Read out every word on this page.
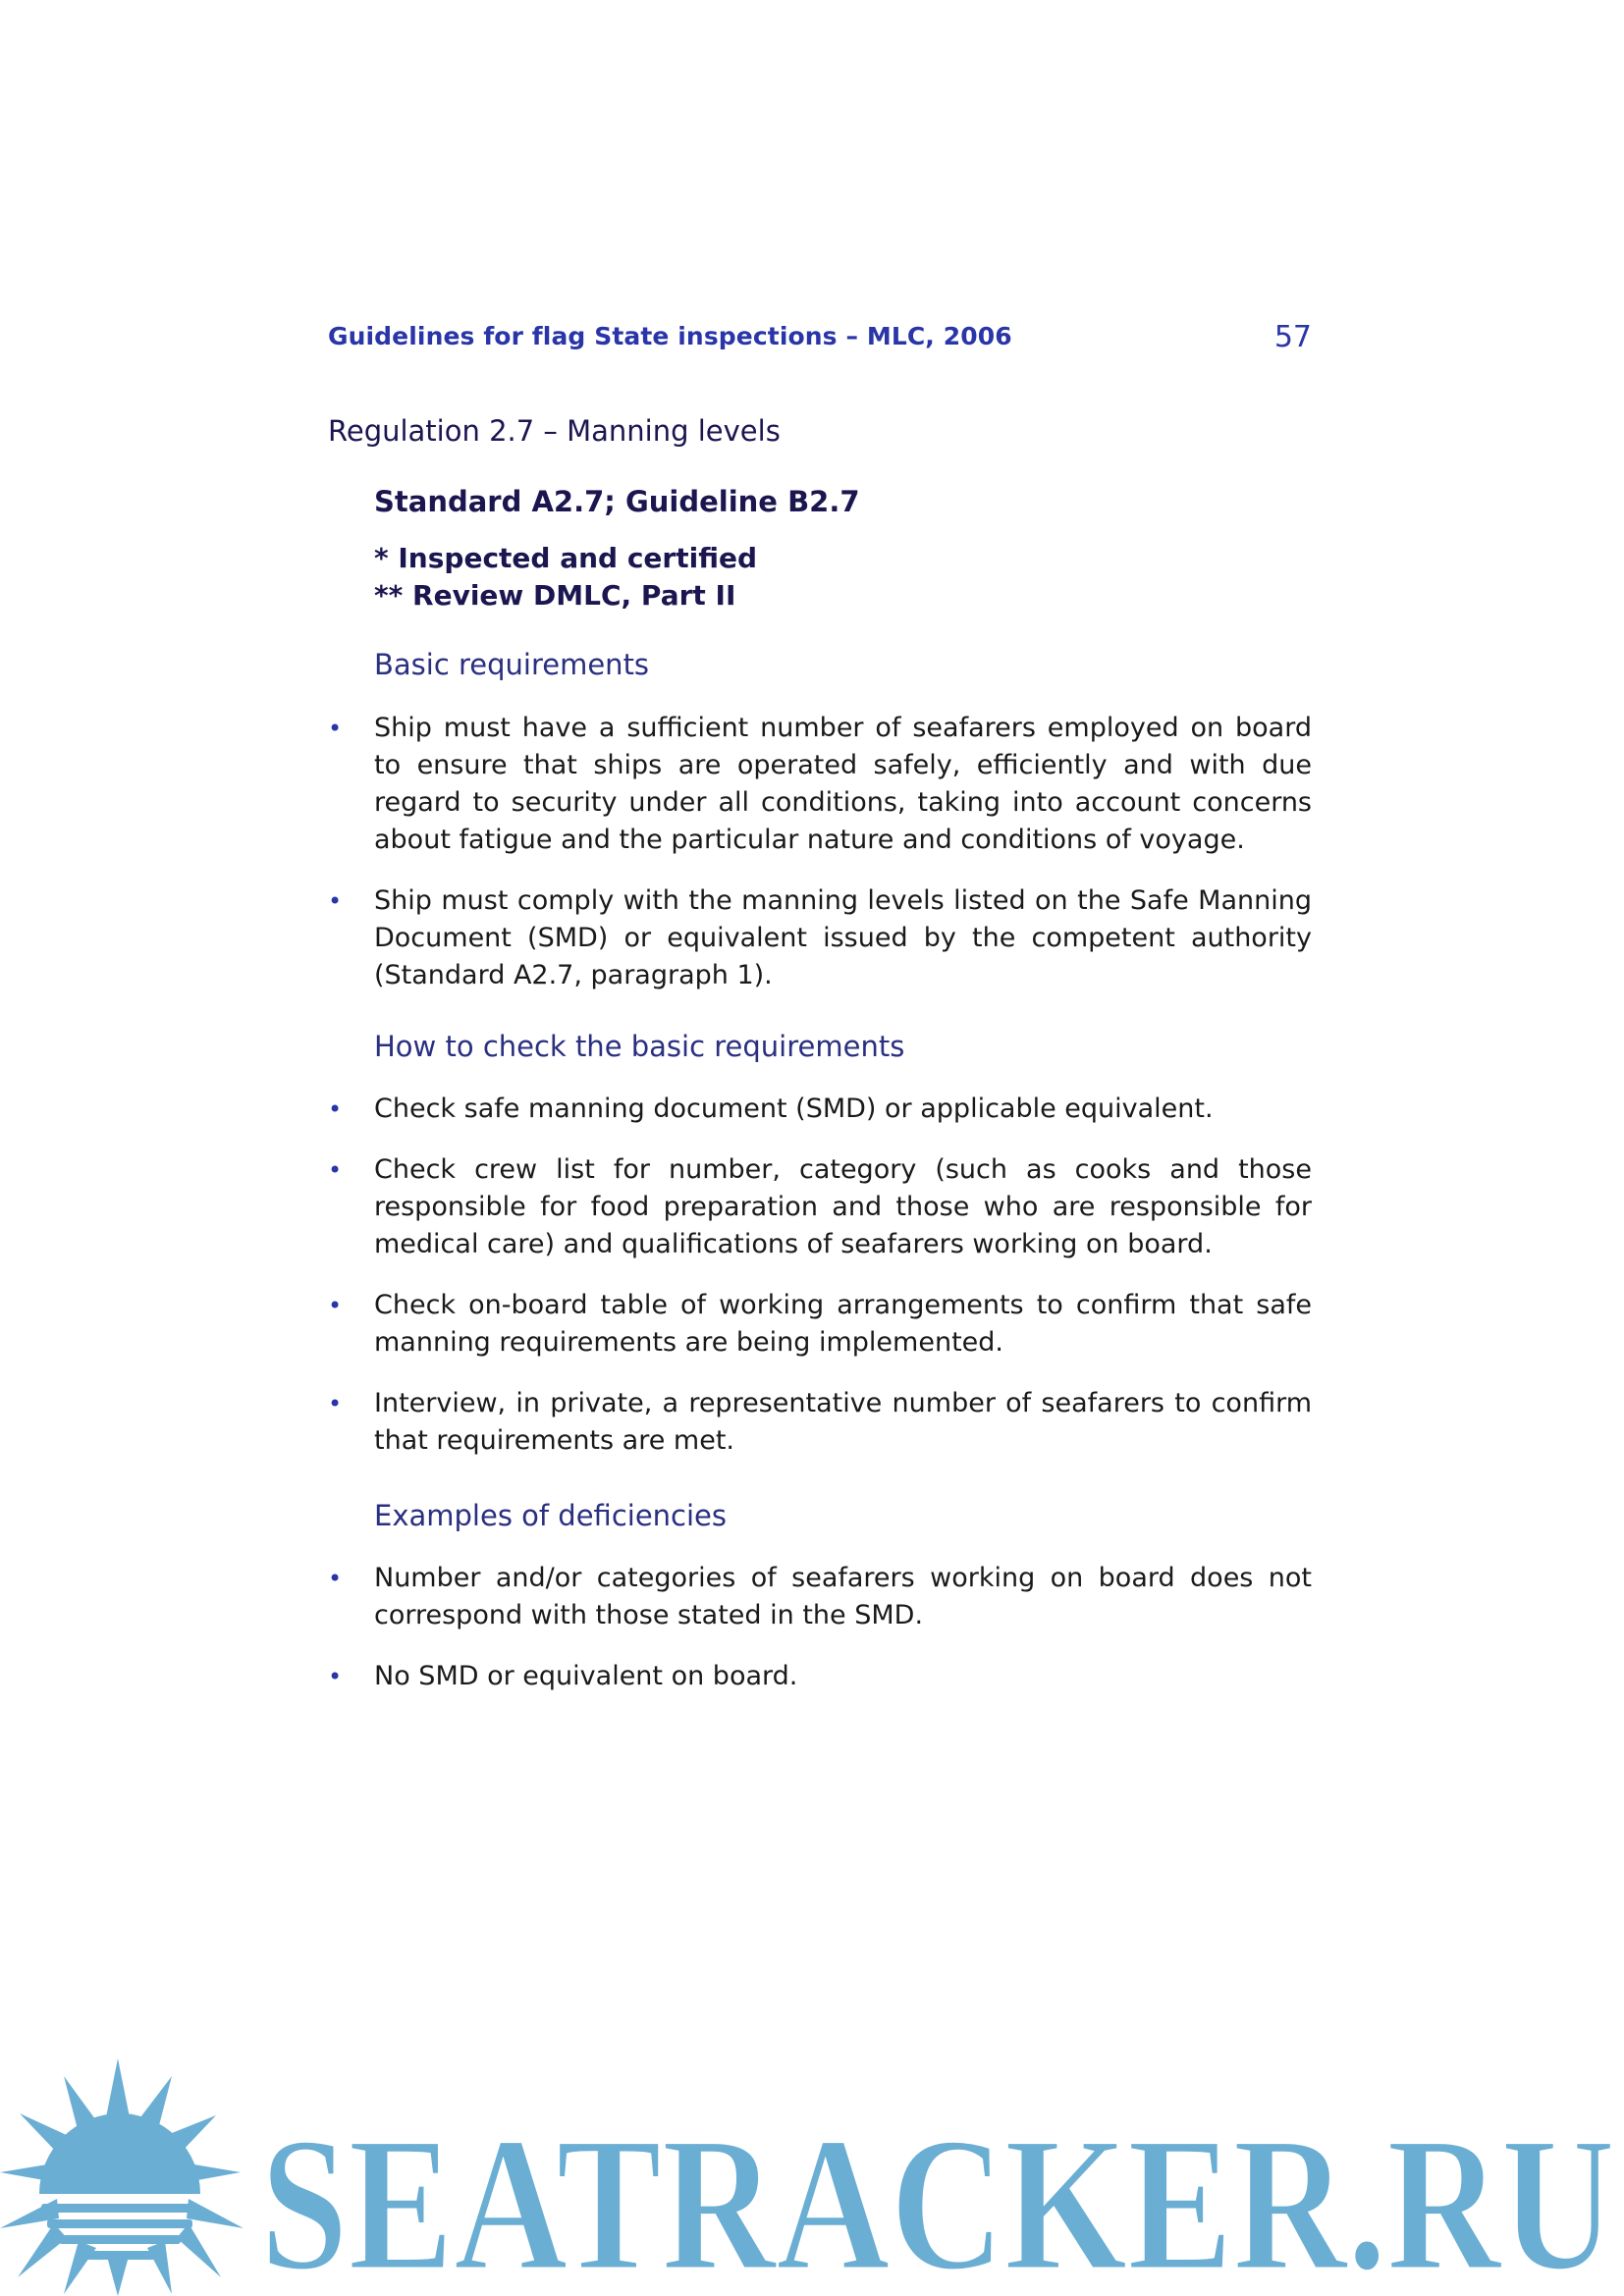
Guidelines for flag State inspections – MLC, 2006	57
Regulation 2.7 – Manning levels
Standard A2.7; Guideline B2.7
* Inspected and certified
** Review DMLC, Part II
Basic requirements
• Ship must have a sufficient number of seafarers employed on board to ensure that ships are operated safely, efficiently and with due regard to security under all conditions, taking into account concerns about fatigue and the particular nature and conditions of voyage.
• Ship must comply with the manning levels listed on the Safe Manning Document (SMD) or equivalent issued by the competent authority (Standard A2.7, paragraph 1).
How to check the basic requirements
• Check safe manning document (SMD) or applicable equivalent.
• Check crew list for number, category (such as cooks and those responsible for food preparation and those who are responsible for medical care) and qualifications of seafarers working on board.
• Check on-board table of working arrangements to confirm that safe manning requirements are being implemented.
• Interview, in private, a representative number of seafarers to confirm that requirements are met.
Examples of deficiencies
• Number and/or categories of seafarers working on board does not correspond with those stated in the SMD.
• No SMD or equivalent on board.
SEATRACKER.RU
